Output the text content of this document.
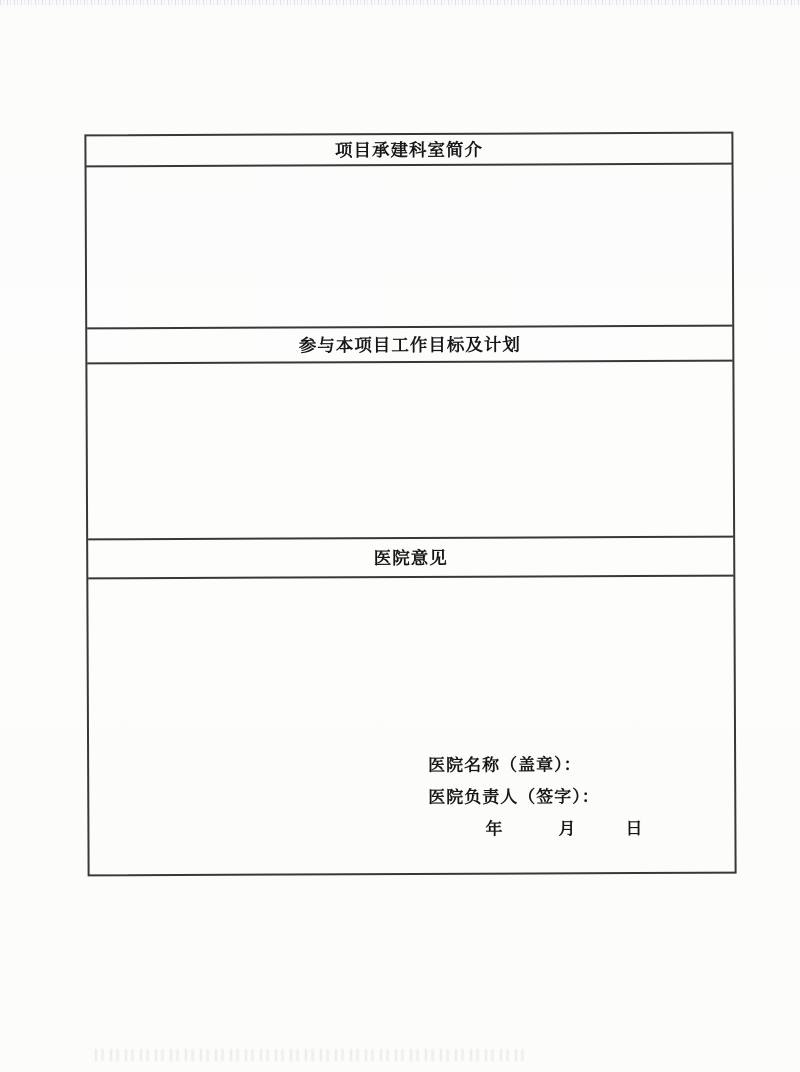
项目承建科室简介
参与本项目工作目标及计划
医院意见
医院名称（盖章）：
医院负责人（签字）：
年	月	日
